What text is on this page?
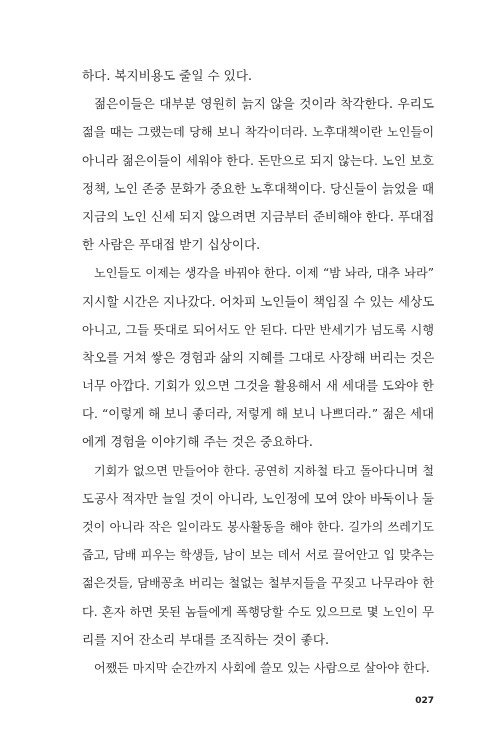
하다. 복지비용도 줄일 수 있다.
젊은이들은 대부분 영원히 늙지 않을 것이라 착각한다. 우리도
젊을 때는 그랬는데 당해 보니 착각이더라. 노후대책이란 노인들이
아니라 젊은이들이 세워야 한다. 돈만으로 되지 않는다. 노인 보호
정책, 노인 존중 문화가 중요한 노후대책이다. 당신들이 늙었을 때
지금의 노인 신세 되지 않으려면 지금부터 준비해야 한다. 푸대접
한 사람은 푸대접 받기 십상이다.
노인들도 이제는 생각을 바꿔야 한다. 이제 “밤 놔라, 대추 놔라”
지시할 시간은 지나갔다. 어차피 노인들이 책임질 수 있는 세상도
아니고, 그들 뜻대로 되어서도 안 된다. 다만 반세기가 넘도록 시행
착오를 거쳐 쌓은 경험과 삶의 지혜를 그대로 사장해 버리는 것은
너무 아깝다. 기회가 있으면 그것을 활용해서 새 세대를 도와야 한
다. “이렇게 해 보니 좋더라, 저렇게 해 보니 나쁘더라.” 젊은 세대
에게 경험을 이야기해 주는 것은 중요하다.
기회가 없으면 만들어야 한다. 공연히 지하철 타고 돌아다니며 철
도공사 적자만 늘일 것이 아니라, 노인정에 모여 앉아 바둑이나 둘
것이 아니라 작은 일이라도 봉사활동을 해야 한다. 길가의 쓰레기도
줍고, 담배 피우는 학생들, 남이 보는 데서 서로 끌어안고 입 맞추는
젊은것들, 담배꽁초 버리는 철없는 철부지들을 꾸짖고 나무라야 한
다. 혼자 하면 못된 놈들에게 폭행당할 수도 있으므로 몇 노인이 무
리를 지어 잔소리 부대를 조직하는 것이 좋다.
어쨌든 마지막 순간까지 사회에 쓸모 있는 사람으로 살아야 한다.
027
